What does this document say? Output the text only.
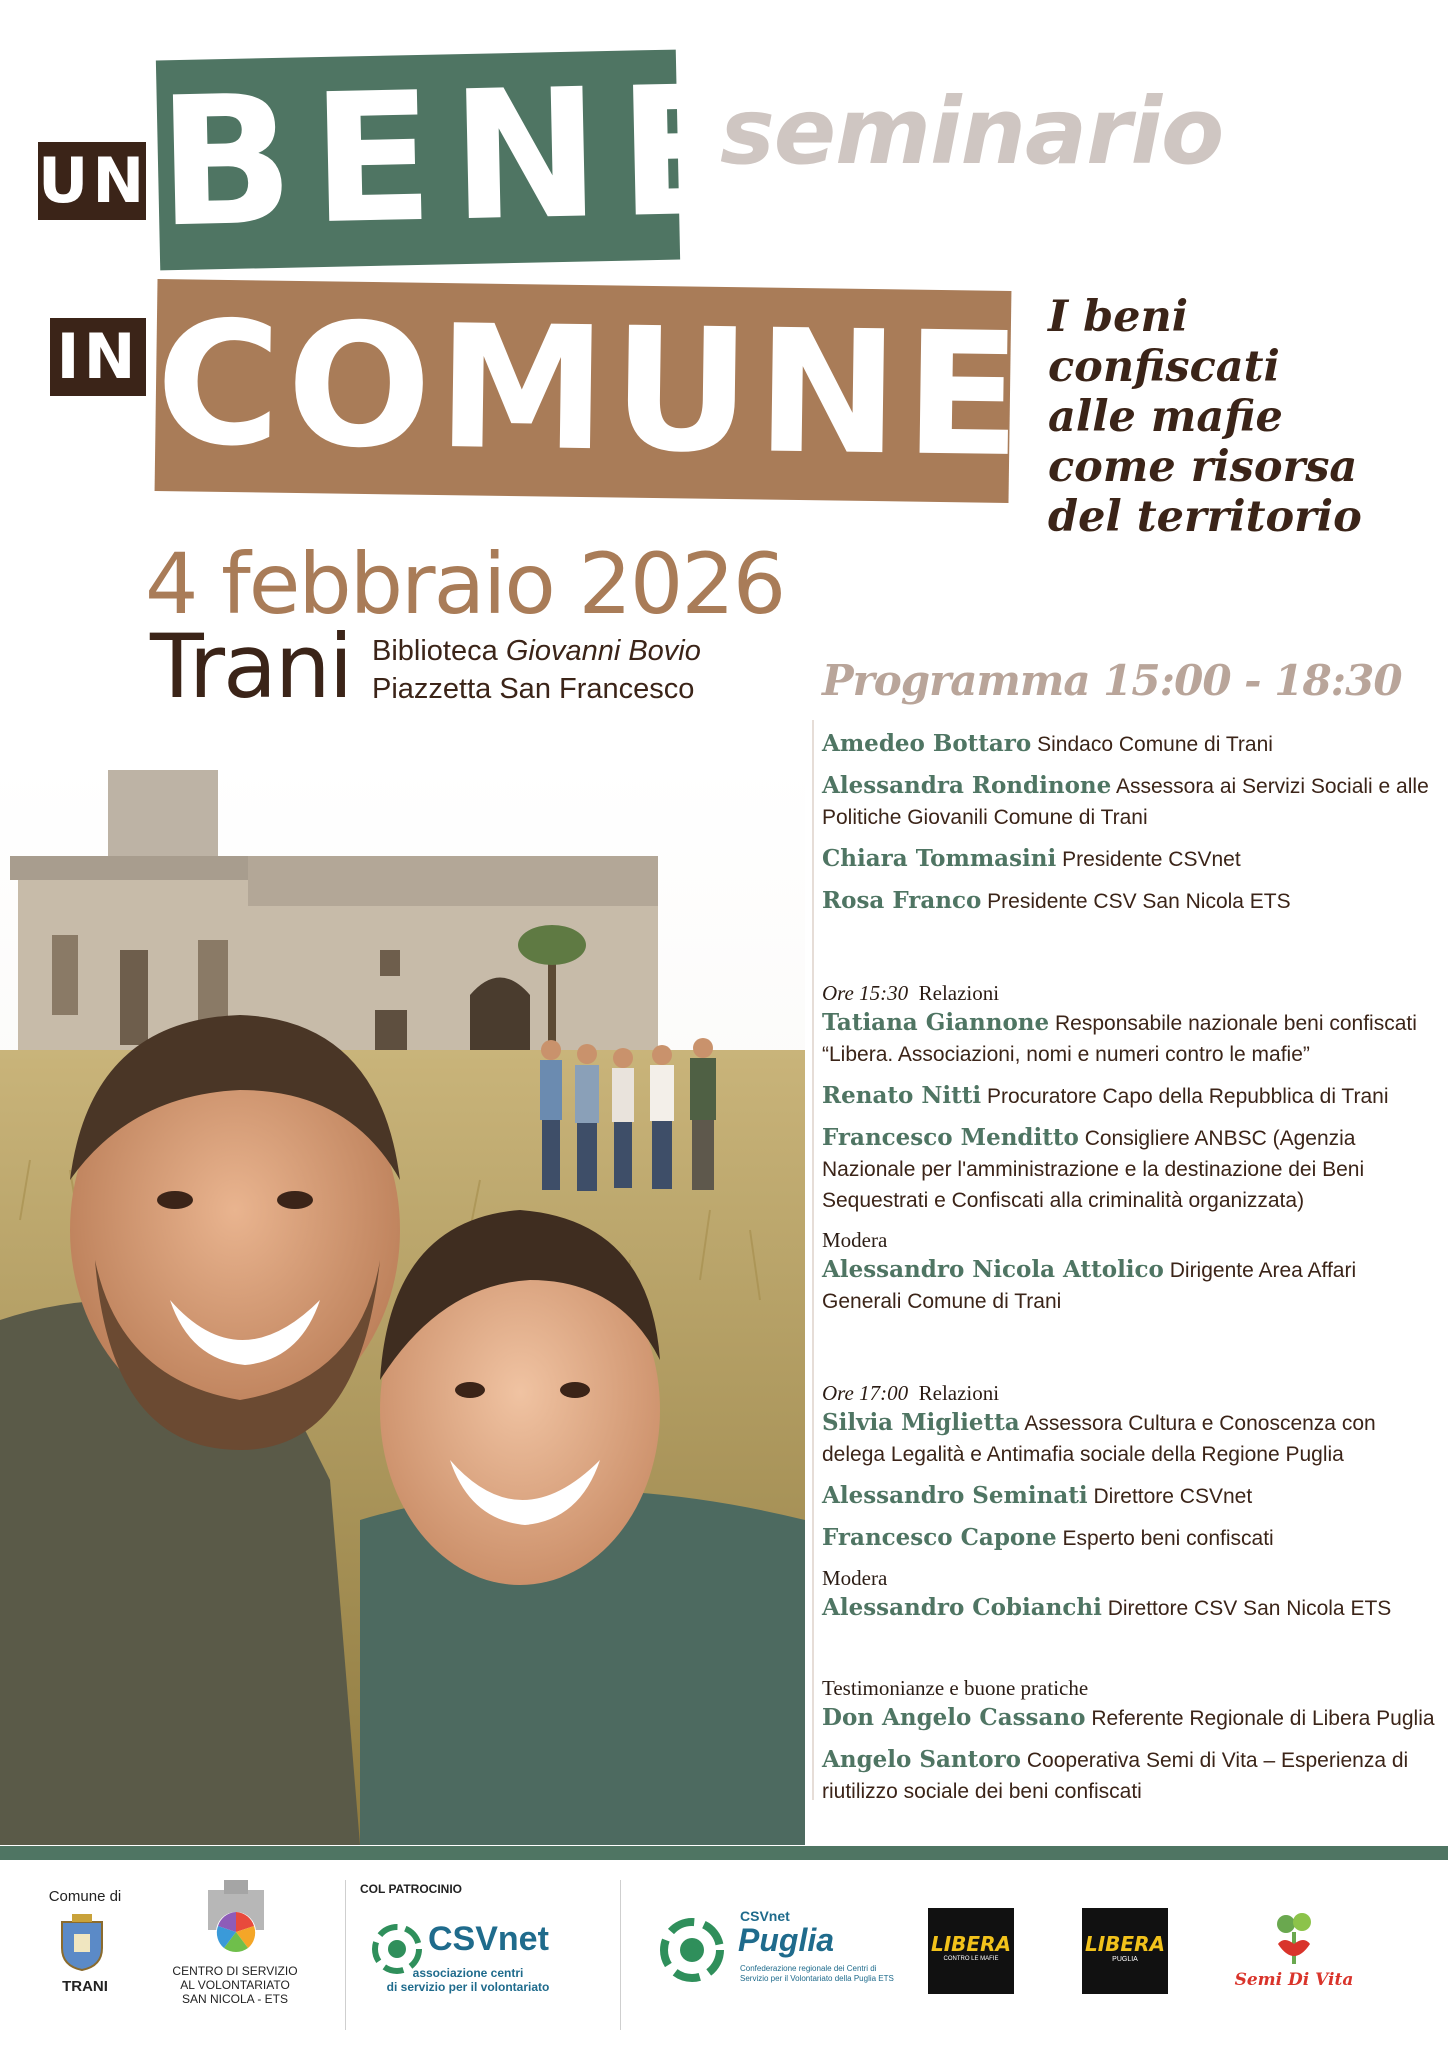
UN BENE
IN COMUNE
seminario
I beni
confiscati
alle mafie
come risorsa
del territorio
4 febbraio 2026
Trani Biblioteca Giovanni Bovio
Piazzetta San Francesco	Programma 15:00 - 18:30
Amedeo Bottaro Sindaco Comune di Trani
Alessandra Rondinone Assessora ai Servizi Sociali e alle Politiche Giovanili Comune di Trani
Chiara Tommasini Presidente CSVnet
Rosa Franco Presidente CSV San Nicola ETS
Ore 15:30 Relazioni
Tatiana Giannone Responsabile nazionale beni confiscati “Libera. Associazioni, nomi e numeri contro le mafie”
Renato Nitti Procuratore Capo della Repubblica di Trani
Francesco Menditto Consigliere ANBSC (Agenzia Nazionale per l'amministrazione e la destinazione dei Beni Sequestrati e Confiscati alla criminalità organizzata)
Modera
Alessandro Nicola Attolico Dirigente Area Affari Generali Comune di Trani
Ore 17:00 Relazioni
Silvia Miglietta Assessora Cultura e Conoscenza con delega Legalità e Antimafia sociale della Regione Puglia
Alessandro Seminati Direttore CSVnet
Francesco Capone Esperto beni confiscati
Modera
Alessandro Cobianchi Direttore CSV San Nicola ETS
Testimonianze e buone pratiche
Don Angelo Cassano Referente Regionale di Libera Puglia
Angelo Santoro Cooperativa Semi di Vita – Esperienza di riutilizzo sociale dei beni confiscati
Comune di
TRANI
CENTRO DI SERVIZIO
AL VOLONTARIATO
SAN NICOLA - ETS
COL PATROCINIO
CSVnet
associazione centri
di servizio per il volontariato
CSVnet
Puglia
Confederazione regionale dei Centri di
Servizio per il Volontariato della Puglia ETS
LIBERA
CONTRO LE MAFIE
LIBERA
PUGLIA
Semi Di Vita
